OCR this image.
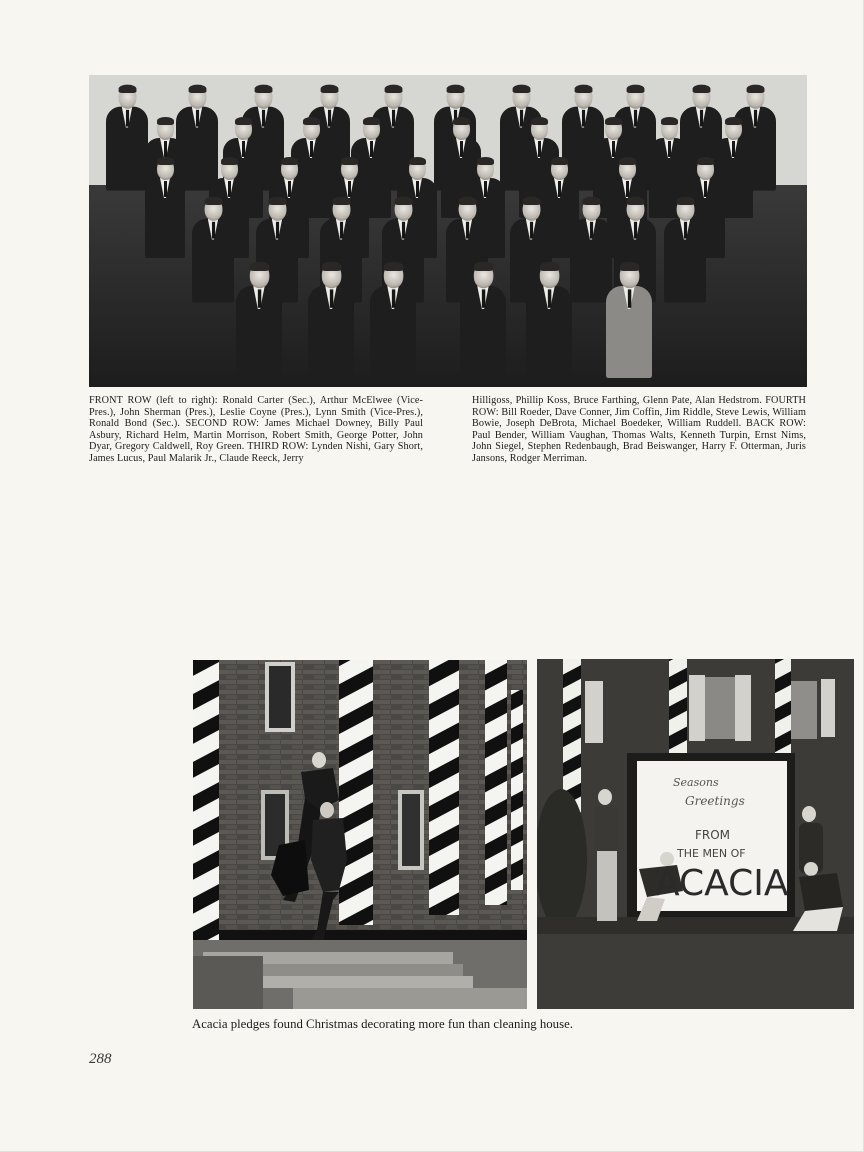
FRONT ROW (left to right): Ronald Carter (Sec.), Arthur McElwee (Vice-Pres.), John Sherman (Pres.), Leslie Coyne (Pres.), Lynn Smith (Vice-Pres.), Ronald Bond (Sec.). SECOND ROW: James Michael Downey, Billy Paul Asbury, Richard Helm, Martin Morrison, Robert Smith, George Potter, John Dyar, Gregory Caldwell, Roy Green. THIRD ROW: Lynden Nishi, Gary Short, James Lucus, Paul Malarik Jr., Claude Reeck, Jerry
Hilligoss, Phillip Koss, Bruce Farthing, Glenn Pate, Alan Hedstrom. FOURTH ROW: Bill Roeder, Dave Conner, Jim Coffin, Jim Riddle, Steve Lewis, William Bowie, Joseph DeBrota, Michael Boedeker, William Ruddell. BACK ROW: Paul Bender, William Vaughan, Thomas Walts, Kenneth Turpin, Ernst Nims, John Siegel, Stephen Redenbaugh, Brad Beiswanger, Harry F. Otterman, Juris Jansons, Rodger Merriman.
Seasons
Greetings
FROM
THE MEN OF
ACACIA
Acacia pledges found Christmas decorating more fun than cleaning house.
288
